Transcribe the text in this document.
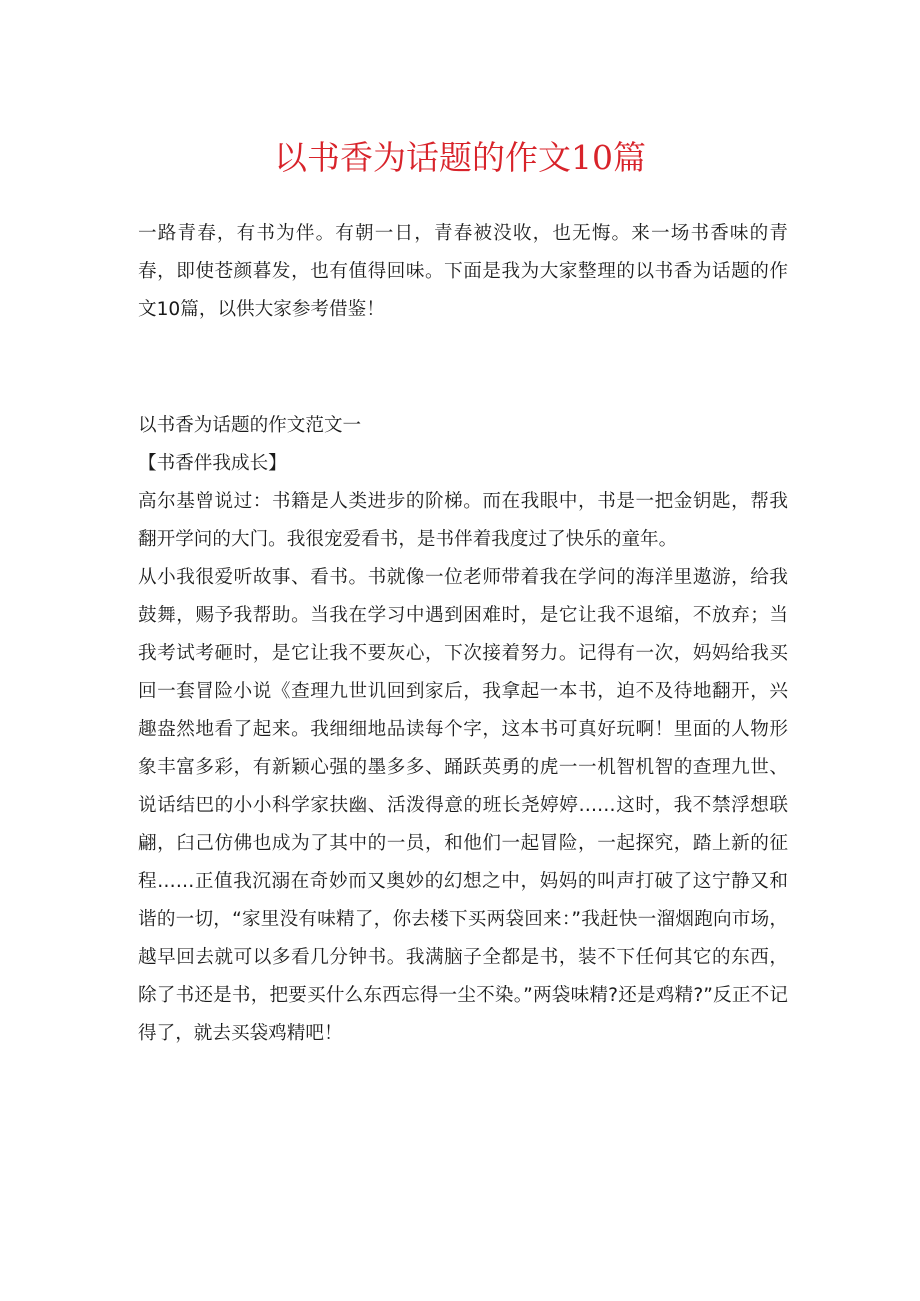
以书香为话题的作文10篇

一路青春，有书为伴。有朝一日，青春被没收，也无悔。来一场书香味的青春，即使苍颜暮发，也有值得回味。下面是我为大家整理的以书香为话题的作文10篇，以供大家参考借鉴！

以书香为话题的作文范文一

【书香伴我成长】

高尔基曾说过：书籍是人类进步的阶梯。而在我眼中，书是一把金钥匙，帮我翻开学问的大门。我很宠爱看书，是书伴着我度过了快乐的童年。

从小我很爱听故事、看书。书就像一位老师带着我在学问的海洋里遨游，给我鼓舞，赐予我帮助。当我在学习中遇到困难时，是它让我不退缩，不放弃；当我考试考砸时，是它让我不要灰心，下次接着努力。记得有一次，妈妈给我买回一套冒险小说《查理九世讥回到家后，我拿起一本书，迫不及待地翻开，兴趣盎然地看了起来。我细细地品读每个字，这本书可真好玩啊！里面的人物形象丰富多彩，有新颖心强的墨多多、踊跃英勇的虎一一机智机智的查理九世、说话结巴的小小科学家扶幽、活泼得意的班长尧婷婷……这时，我不禁浮想联翩，臼己仿佛也成为了其中的一员，和他们一起冒险，一起探究，踏上新的征程……正值我沉溺在奇妙而又奥妙的幻想之中，妈妈的叫声打破了这宁静又和谐的一切，“家里没有味精了，你去楼下买两袋回来：”我赶快一溜烟跑向市场，越早回去就可以多看几分钟书。我满脑子全都是书，装不下任何其它的东西，除了书还是书，把要买什么东西忘得一尘不染。”两袋味精?还是鸡精?”反正不记得了，就去买袋鸡精吧！
